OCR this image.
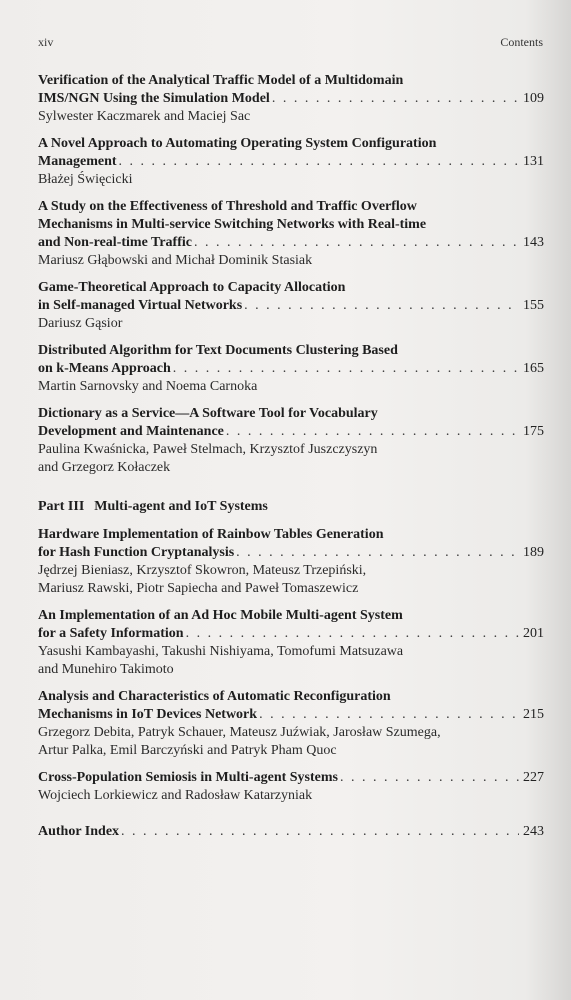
xiv	Contents
Verification of the Analytical Traffic Model of a Multidomain
IMS/NGN Using the Simulation Model . . .	109
Sylwester Kaczmarek and Maciej Sac
A Novel Approach to Automating Operating System Configuration
Management . . .	131
Błażej Święcicki
A Study on the Effectiveness of Threshold and Traffic Overflow
Mechanisms in Multi-service Switching Networks with Real-time
and Non-real-time Traffic . . .	143
Mariusz Głąbowski and Michał Dominik Stasiak
Game-Theoretical Approach to Capacity Allocation
in Self-managed Virtual Networks . . .	155
Dariusz Gąsior
Distributed Algorithm for Text Documents Clustering Based
on k-Means Approach . . .	165
Martin Sarnovsky and Noema Carnoka
Dictionary as a Service—A Software Tool for Vocabulary
Development and Maintenance . . .	175
Paulina Kwaśnicka, Paweł Stelmach, Krzysztof Juszczyszyn
and Grzegorz Kołaczek
Part III Multi-agent and IoT Systems
Hardware Implementation of Rainbow Tables Generation
for Hash Function Cryptanalysis . . .	189
Jędrzej Bieniasz, Krzysztof Skowron, Mateusz Trzepiński,
Mariusz Rawski, Piotr Sapiecha and Paweł Tomaszewicz
An Implementation of an Ad Hoc Mobile Multi-agent System
for a Safety Information . . .	201
Yasushi Kambayashi, Takushi Nishiyama, Tomofumi Matsuzawa
and Munehiro Takimoto
Analysis and Characteristics of Automatic Reconfiguration
Mechanisms in IoT Devices Network . . .	215
Grzegorz Debita, Patryk Schauer, Mateusz Juźwiak, Jarosław Szumega,
Artur Palka, Emil Barczyński and Patryk Pham Quoc
Cross-Population Semiosis in Multi-agent Systems . . .	227
Wojciech Lorkiewicz and Radosław Katarzyniak
Author Index . . .	243
